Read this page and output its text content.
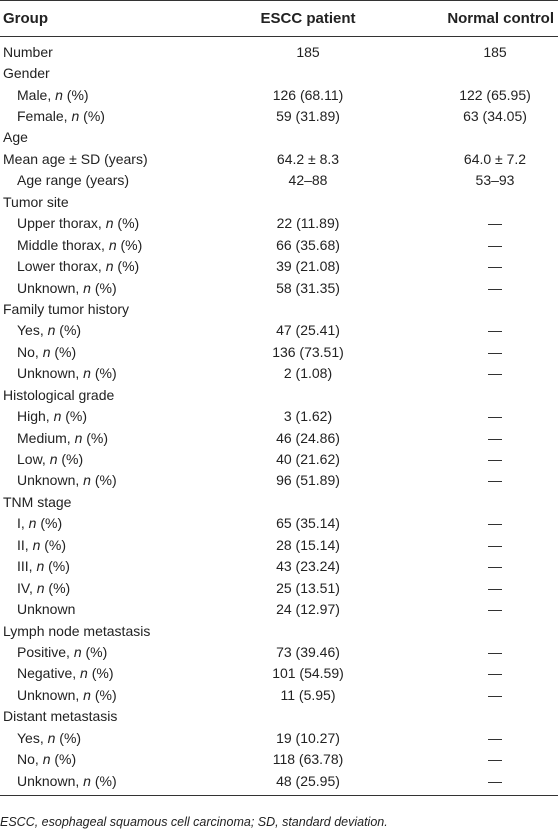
Group	ESCC patient	Normal control
Number	185	185
Gender		
Male, n (%)	126 (68.11)	122 (65.95)
Female, n (%)	59 (31.89)	63 (34.05)
Age		
Mean age ± SD (years)	64.2 ± 8.3	64.0 ± 7.2
Age range (years)	42–88	53–93
Tumor site		
Upper thorax, n (%)	22 (11.89)	—
Middle thorax, n (%)	66 (35.68)	—
Lower thorax, n (%)	39 (21.08)	—
Unknown, n (%)	58 (31.35)	—
Family tumor history		
Yes, n (%)	47 (25.41)	—
No, n (%)	136 (73.51)	—
Unknown, n (%)	2 (1.08)	—
Histological grade		
High, n (%)	3 (1.62)	—
Medium, n (%)	46 (24.86)	—
Low, n (%)	40 (21.62)	—
Unknown, n (%)	96 (51.89)	—
TNM stage		
I, n (%)	65 (35.14)	—
II, n (%)	28 (15.14)	—
III, n (%)	43 (23.24)	—
IV, n (%)	25 (13.51)	—
Unknown	24 (12.97)	—
Lymph node metastasis		
Positive, n (%)	73 (39.46)	—
Negative, n (%)	101 (54.59)	—
Unknown, n (%)	11 (5.95)	—
Distant metastasis		
Yes, n (%)	19 (10.27)	—
No, n (%)	118 (63.78)	—
Unknown, n (%)	48 (25.95)	—
ESCC, esophageal squamous cell carcinoma; SD, standard deviation.
